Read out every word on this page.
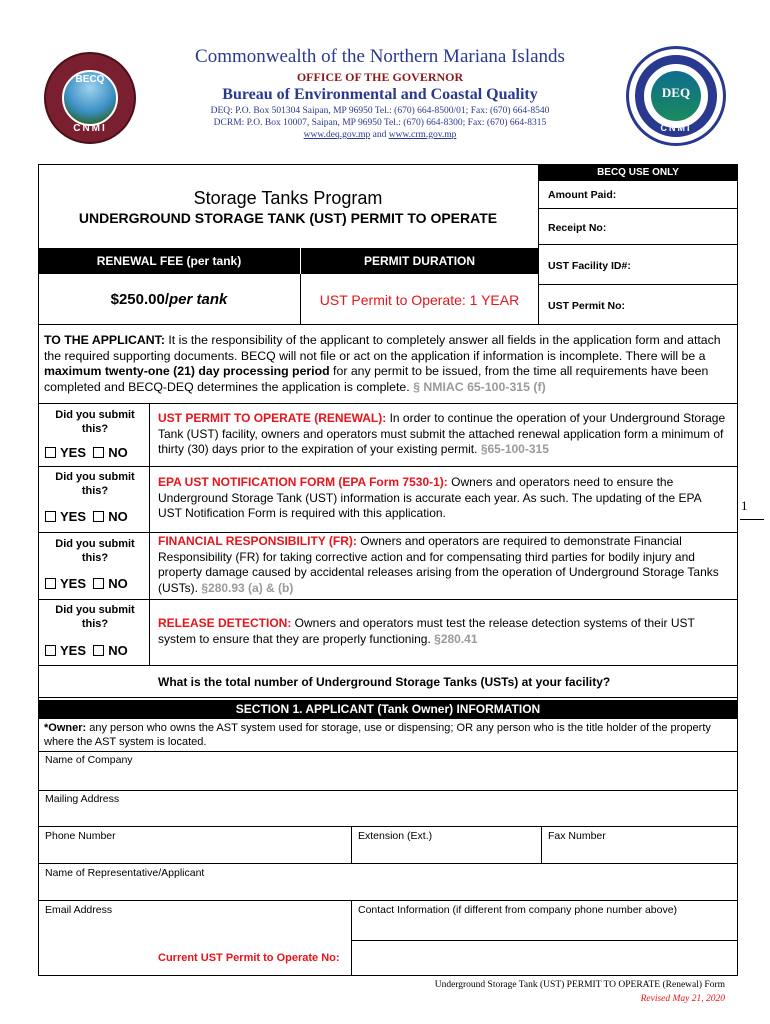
BECQ
CNMI
DEQ
CNMI
Commonwealth of the Northern Mariana Islands
OFFICE OF THE GOVERNOR
Bureau of Environmental and Coastal Quality
DEQ: P.O. Box 501304 Saipan, MP 96950 Tel.: (670) 664-8500/01; Fax: (670) 664-8540
DCRM: P.O. Box 10007, Saipan, MP 96950 Tel.: (670) 664-8300; Fax: (670) 664-8315
www.deq.gov.mp and www.crm.gov.mp
Storage Tanks Program
UNDERGROUND STORAGE TANK (UST) PERMIT TO OPERATE
BECQ USE ONLY
Amount Paid:
Receipt No:
UST Facility ID#:
UST Permit No:
RENEWAL FEE (per tank)	PERMIT DURATION
$250.00/per tank	UST Permit to Operate: 1 YEAR
TO THE APPLICANT: It is the responsibility of the applicant to completely answer all fields in the application form and attach the required supporting documents. BECQ will not file or act on the application if information is incomplete. There will be a maximum twenty-one (21) day processing period for any permit to be issued, from the time all requirements have been completed and BECQ-DEQ determines the application is complete. § NMIAC 65-100-315 (f)
Did you submit this?
YES NO
UST PERMIT TO OPERATE (RENEWAL): In order to continue the operation of your Underground Storage Tank (UST) facility, owners and operators must submit the attached renewal application form a minimum of thirty (30) days prior to the expiration of your existing permit. §65-100-315
Did you submit this?
YES NO
EPA UST NOTIFICATION FORM (EPA Form 7530-1): Owners and operators need to ensure the Underground Storage Tank (UST) information is accurate each year. As such. The updating of the EPA UST Notification Form is required with this application.
Did you submit this?
YES NO
FINANCIAL RESPONSIBILITY (FR): Owners and operators are required to demonstrate Financial Responsibility (FR) for taking corrective action and for compensating third parties for bodily injury and property damage caused by accidental releases arising from the operation of Underground Storage Tanks (USTs). §280.93 (a) & (b)
Did you submit this?
YES NO
RELEASE DETECTION: Owners and operators must test the release detection systems of their UST system to ensure that they are properly functioning. §280.41
What is the total number of Underground Storage Tanks (USTs) at your facility?
SECTION 1. APPLICANT (Tank Owner) INFORMATION
*Owner: any person who owns the AST system used for storage, use or dispensing; OR any person who is the title holder of the property where the AST system is located.
Name of Company
Mailing Address
Phone Number	Extension (Ext.)	Fax Number
Name of Representative/Applicant
Email Address	Contact Information (if different from company phone number above)
Current UST Permit to Operate No:
1
Underground Storage Tank (UST) PERMIT TO OPERATE (Renewal) Form
Revised May 21, 2020
